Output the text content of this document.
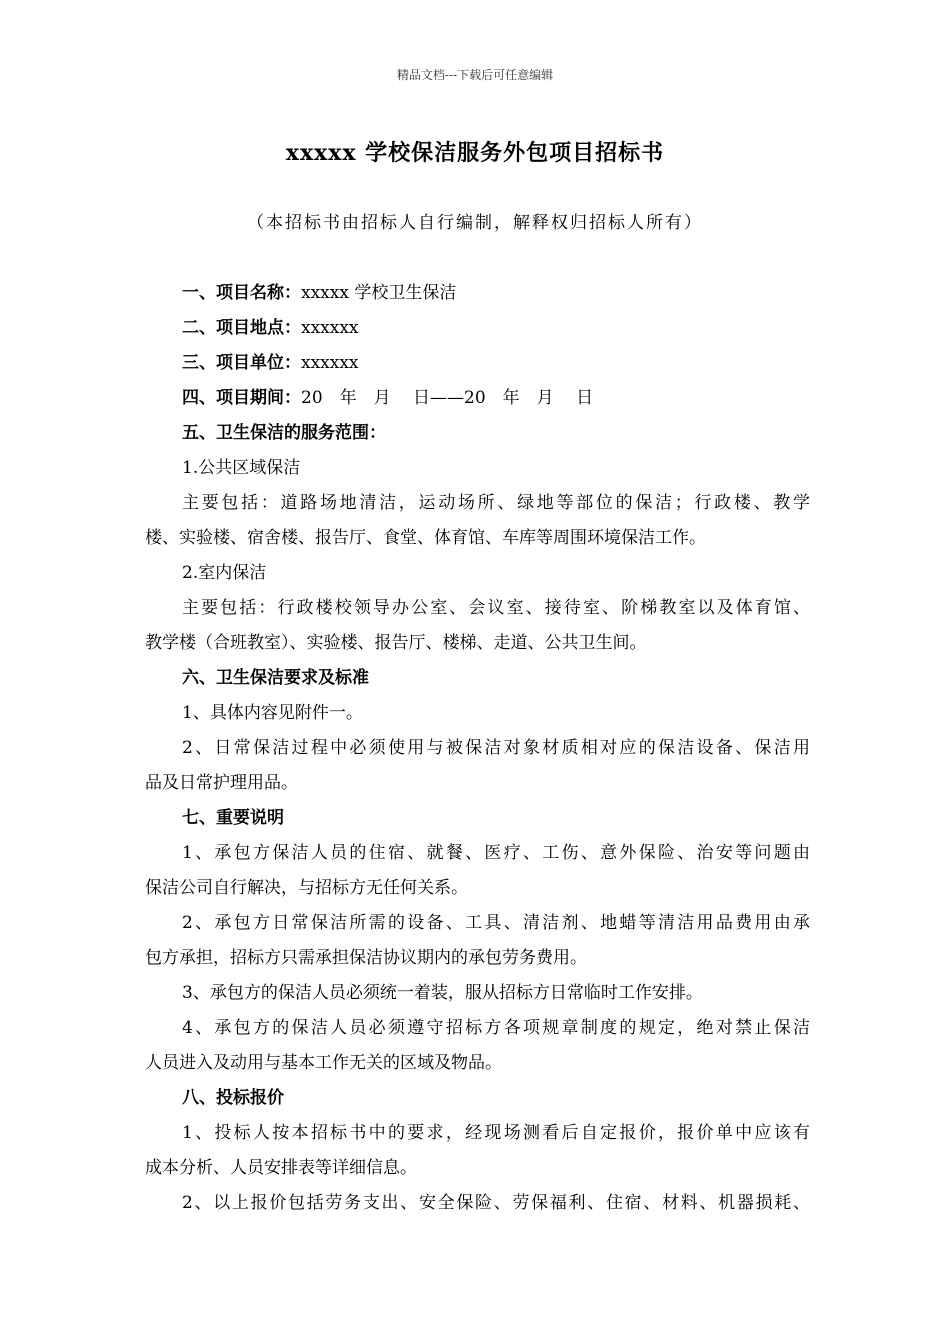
精品文档---下载后可任意编辑
xxxxx 学校保洁服务外包项目招标书
（本招标书由招标人自行编制，解释权归招标人所有）
一、项目名称：xxxxx 学校卫生保洁
二、项目地点：xxxxxx
三、项目单位：xxxxxx
四、项目期间：20　年　月　 日——20　年　月　 日
五、卫生保洁的服务范围：
1.公共区域保洁
主要包括：道路场地清洁，运动场所、绿地等部位的保洁；行政楼、教学
楼、实验楼、宿舍楼、报告厅、食堂、体育馆、车库等周围环境保洁工作。
2.室内保洁
主要包括：行政楼校领导办公室、会议室、接待室、阶梯教室以及体育馆、
教学楼（合班教室）、实验楼、报告厅、楼梯、走道、公共卫生间。
六、卫生保洁要求及标准
1、具体内容见附件一。
2、日常保洁过程中必须使用与被保洁对象材质相对应的保洁设备、保洁用
品及日常护理用品。
七、重要说明
1、承包方保洁人员的住宿、就餐、医疗、工伤、意外保险、治安等问题由
保洁公司自行解决，与招标方无任何关系。
2、承包方日常保洁所需的设备、工具、清洁剂、地蜡等清洁用品费用由承
包方承担，招标方只需承担保洁协议期内的承包劳务费用。
3、承包方的保洁人员必须统一着装，服从招标方日常临时工作安排。
4、承包方的保洁人员必须遵守招标方各项规章制度的规定，绝对禁止保洁
人员进入及动用与基本工作无关的区域及物品。
八、投标报价
1、投标人按本招标书中的要求，经现场测看后自定报价，报价单中应该有
成本分析、人员安排表等详细信息。
2、以上报价包括劳务支出、安全保险、劳保福利、住宿、材料、机器损耗、
